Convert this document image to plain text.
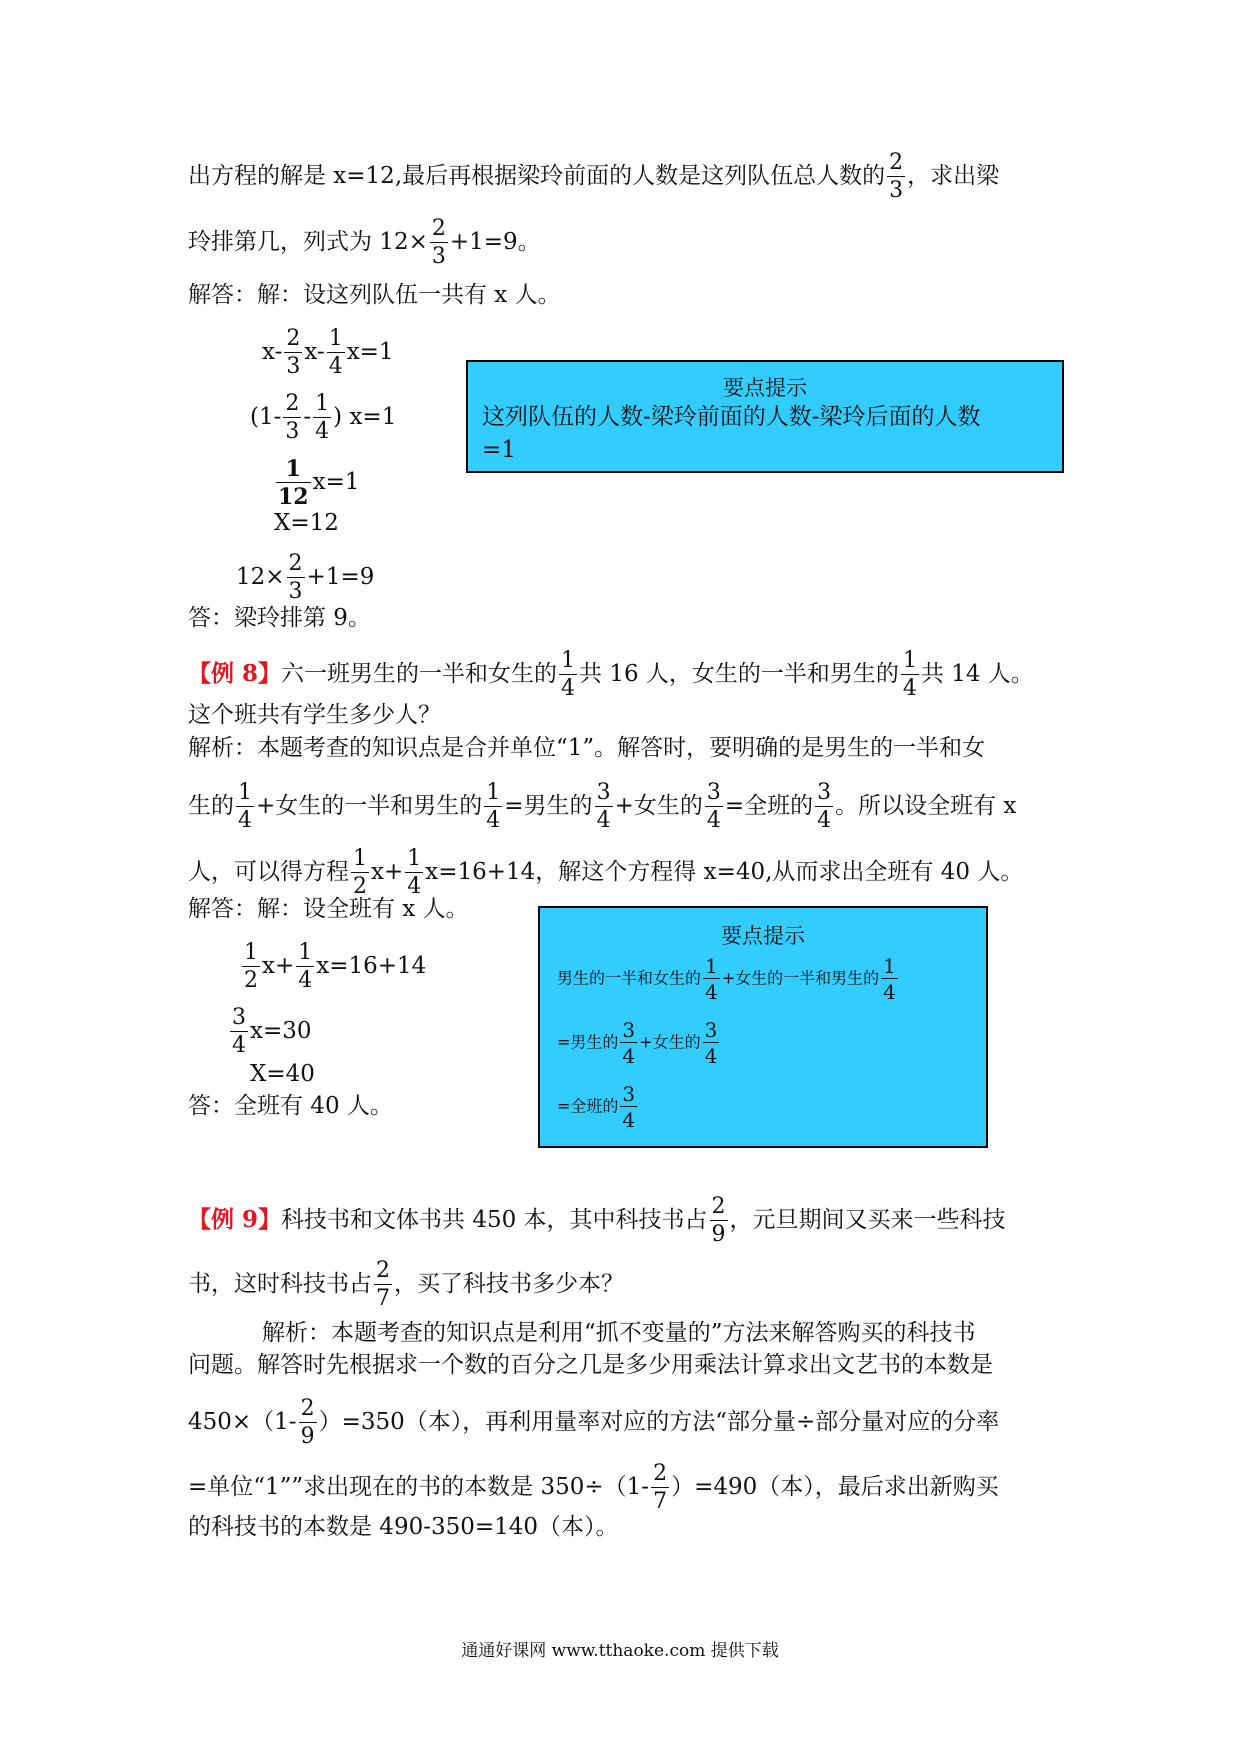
出方程的解是 x=12,最后再根据梁玲前面的人数是这列队伍总人数的 $\frac{2}{3}$ ，求出梁
玲排第几，列式为 $12\times \frac{2}{3} +1=9$。
解答：解：设这列队伍一共有 x 人。
$x- \frac{2}{3} x- \frac{1}{4} x=1$
($1- \frac{2}{3} - \frac{1}{4}$ ) x=1
$\frac{1}{12} x=1$
X=12
$12\times \frac{2}{3} +1=9$
答：梁玲排第 9。
要点提示
这列队伍的人数-梁玲前面的人数-梁玲后面的人数
=1
【例 8】六一班男生的一半和女生的 $\frac{1}{4}$ 共 16 人，女生的一半和男生的 $\frac{1}{4}$ 共 14 人。
这个班共有学生多少人？
解析：本题考查的知识点是合并单位“1”。解答时，要明确的是男生的一半和女
生的 $\frac{1}{4}$ +女生的一半和男生的 $\frac{1}{4}$ =男生的 $\frac{3}{4}$ +女生的 $\frac{3}{4}$ =全班的 $\frac{3}{4}$ 。所以设全班有 x
人，可以得方程 $\frac{1}{2} x+ \frac{1}{4} x=16+14$，解这个方程得 x=40,从而求出全班有 40 人。
解答：解：设全班有 x 人。
$\frac{1}{2} x+ \frac{1}{4} x=16+14$
$\frac{3}{4} x=30$
X=40
答：全班有 40 人。
要点提示
男生的一半和女生的 $\frac{1}{4}$ +女生的一半和男生的 $\frac{1}{4}$
=男生的 $\frac{3}{4}$ +女生的 $\frac{3}{4}$
=全班的 $\frac{3}{4}$
【例 9】科技书和文体书共 450 本，其中科技书占 $\frac{2}{9}$ ，元旦期间又买来一些科技
书，这时科技书占 $\frac{2}{7}$ ，买了科技书多少本？
解析：本题考查的知识点是利用“抓不变量的”方法来解答购买的科技书
问题。解答时先根据求一个数的百分之几是多少用乘法计算求出文艺书的本数是
$450\times(1- \frac{2}{9} )=350$（本），再利用量率对应的方法“部分量÷部分量对应的分率
=单位“1””求出现在的书的本数是 $350\div(1- \frac{2}{7} )=490$（本），最后求出新购买
的科技书的本数是 490-350=140（本）。
通通好课网 www.tthaoke.com 提供下载
